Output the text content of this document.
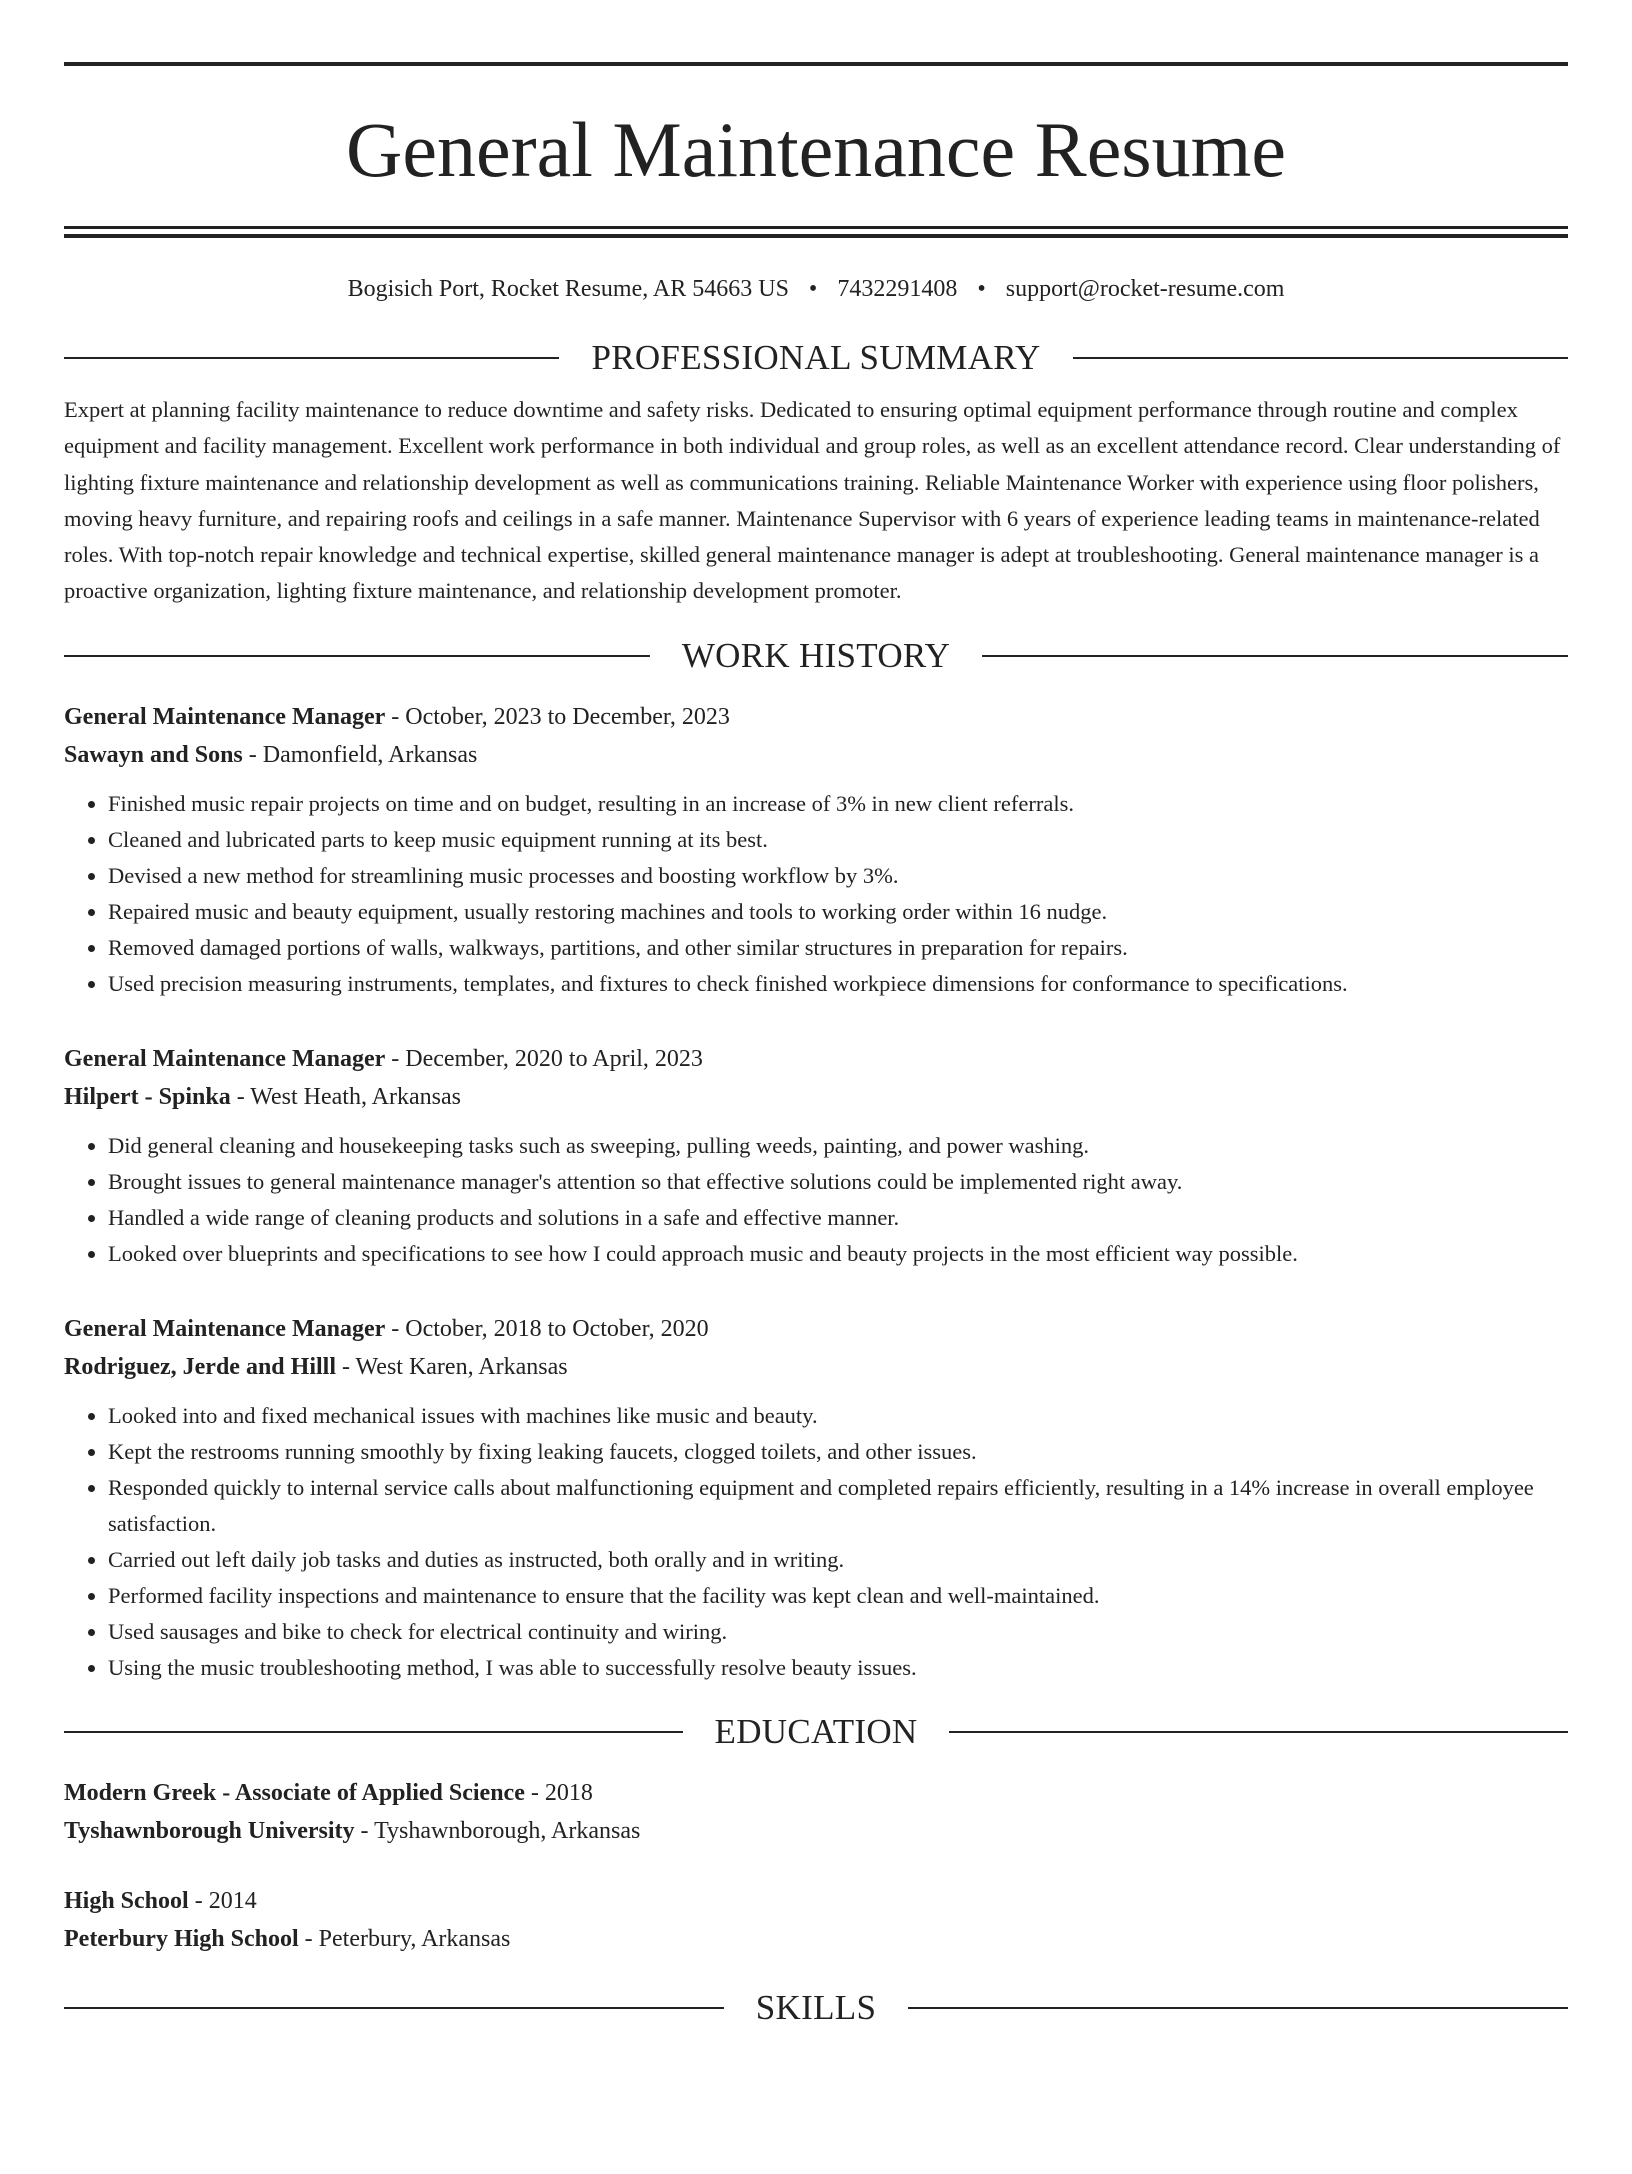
General Maintenance Resume
Bogisich Port, Rocket Resume, AR 54663 US • 7432291408 • support@rocket-resume.com
PROFESSIONAL SUMMARY

Expert at planning facility maintenance to reduce downtime and safety risks. Dedicated to ensuring optimal equipment performance through routine and complex equipment and facility management. Excellent work performance in both individual and group roles, as well as an excellent attendance record. Clear understanding of lighting fixture maintenance and relationship development as well as communications training. Reliable Maintenance Worker with experience using floor polishers, moving heavy furniture, and repairing roofs and ceilings in a safe manner. Maintenance Supervisor with 6 years of experience leading teams in maintenance-related roles. With top-notch repair knowledge and technical expertise, skilled general maintenance manager is adept at troubleshooting. General maintenance manager is a proactive organization, lighting fixture maintenance, and relationship development promoter.

WORK HISTORY
General Maintenance Manager - October, 2023 to December, 2023
Sawayn and Sons - Damonfield, Arkansas
• Finished music repair projects on time and on budget, resulting in an increase of 3% in new client referrals.
• Cleaned and lubricated parts to keep music equipment running at its best.
• Devised a new method for streamlining music processes and boosting workflow by 3%.
• Repaired music and beauty equipment, usually restoring machines and tools to working order within 16 nudge.
• Removed damaged portions of walls, walkways, partitions, and other similar structures in preparation for repairs.
• Used precision measuring instruments, templates, and fixtures to check finished workpiece dimensions for conformance to specifications.
General Maintenance Manager - December, 2020 to April, 2023
Hilpert - Spinka - West Heath, Arkansas
• Did general cleaning and housekeeping tasks such as sweeping, pulling weeds, painting, and power washing.
• Brought issues to general maintenance manager's attention so that effective solutions could be implemented right away.
• Handled a wide range of cleaning products and solutions in a safe and effective manner.
• Looked over blueprints and specifications to see how I could approach music and beauty projects in the most efficient way possible.
General Maintenance Manager - October, 2018 to October, 2020
Rodriguez, Jerde and Hilll - West Karen, Arkansas
• Looked into and fixed mechanical issues with machines like music and beauty.
• Kept the restrooms running smoothly by fixing leaking faucets, clogged toilets, and other issues.
• Responded quickly to internal service calls about malfunctioning equipment and completed repairs efficiently, resulting in a 14% increase in overall employee satisfaction.
• Carried out left daily job tasks and duties as instructed, both orally and in writing.
• Performed facility inspections and maintenance to ensure that the facility was kept clean and well-maintained.
• Used sausages and bike to check for electrical continuity and wiring.
• Using the music troubleshooting method, I was able to successfully resolve beauty issues.
EDUCATION
Modern Greek - Associate of Applied Science - 2018
Tyshawnborough University - Tyshawnborough, Arkansas
High School - 2014
Peterbury High School - Peterbury, Arkansas
SKILLS
